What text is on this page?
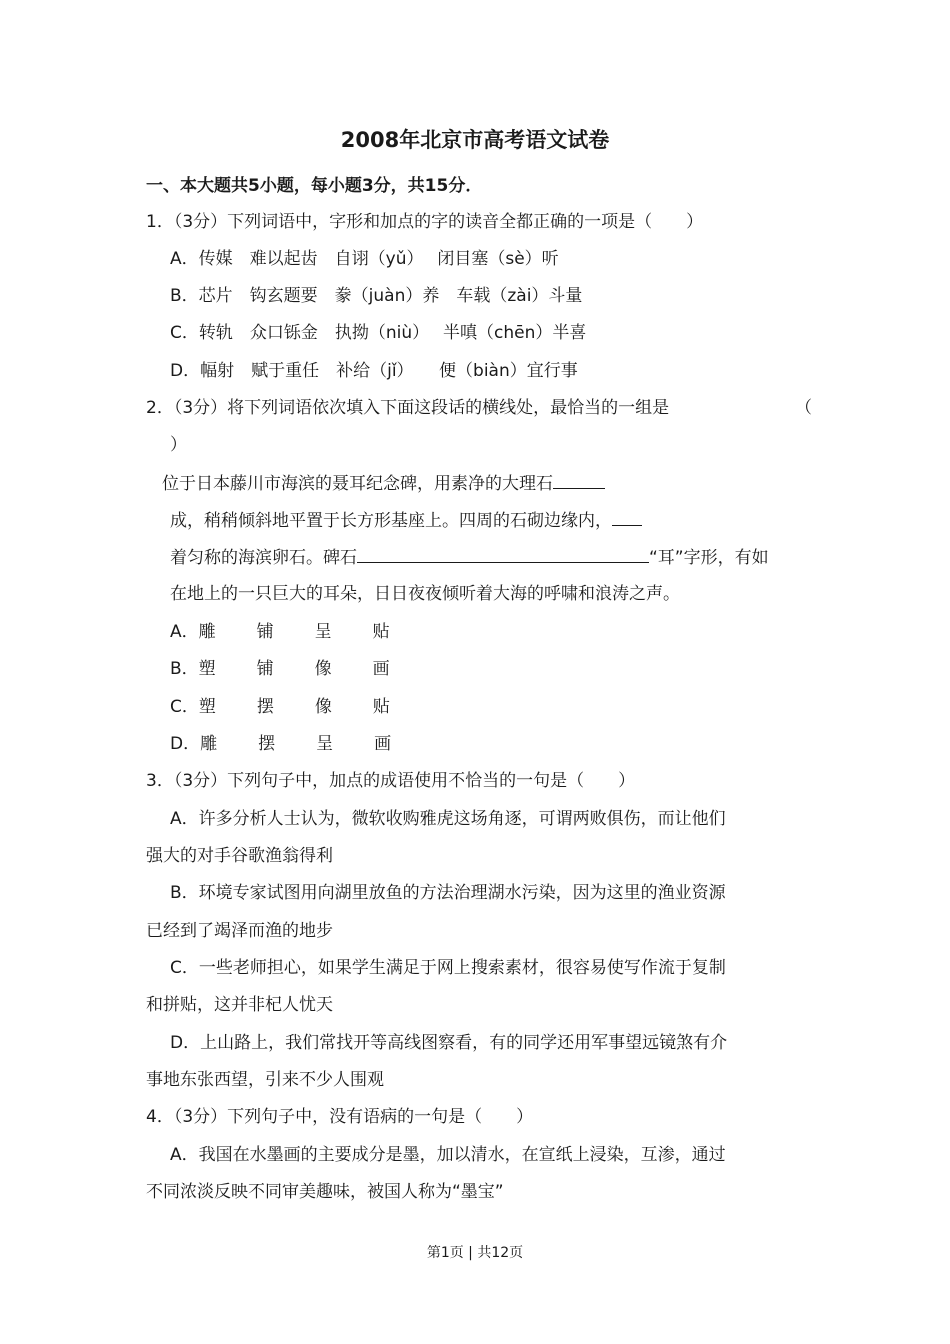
2008年北京市高考语文试卷
一、本大题共5小题，每小题3分，共15分．
1．（3分）下列词语中，字形和加点的字的读音全都正确的一项是（　　）
A．传媒　难以起齿　自诩（yǔ）　 闭目塞（sè）听
B．芯片　钩玄题要　豢（juàn）养　车载（zài）斗量
C．转轨　众口铄金　执拗（niù）　 半嗔（chēn）半喜
D．幅射　赋于重任　补给（jǐ）　　便（biàn）宜行事
2．（3分）将下列词语依次填入下面这段话的横线处，最恰当的一组是	（
）
位于日本藤川市海滨的聂耳纪念碑，用素净的大理石
成，稍稍倾斜地平置于长方形基座上。四周的石砌边缘内，
着匀称的海滨卵石。碑石	“耳”字形，有如
在地上的一只巨大的耳朵，日日夜夜倾听着大海的呼啸和浪涛之声。
A．雕 铺 呈 贴
B．塑 铺 像 画
C．塑 摆 像 贴
D．雕 摆 呈 画
3．（3分）下列句子中，加点的成语使用不恰当的一句是（　　）
A．许多分析人士认为，微软收购雅虎这场角逐，可谓两败俱伤，而让他们
强大的对手谷歌渔翁得利
B．环境专家试图用向湖里放鱼的方法治理湖水污染，因为这里的渔业资源
已经到了竭泽而渔的地步
C．一些老师担心，如果学生满足于网上搜索素材，很容易使写作流于复制
和拼贴，这并非杞人忧天
D．上山路上，我们常找开等高线图察看，有的同学还用军事望远镜煞有介
事地东张西望，引来不少人围观
4．（3分）下列句子中，没有语病的一句是（　　）
A．我国在水墨画的主要成分是墨，加以清水，在宣纸上浸染，互渗，通过
不同浓淡反映不同审美趣味，被国人称为“墨宝”
第1页 | 共12页
